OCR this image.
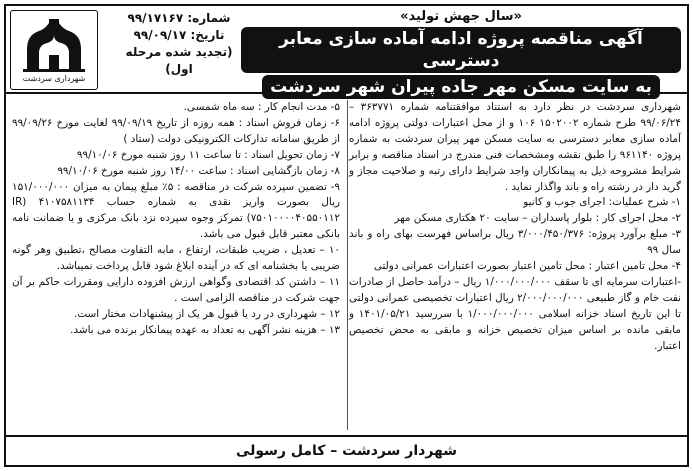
«سال جهش تولید»
آگهی مناقصه پروژه ادامه آماده سازی معابر دسترسی به سایت مسکن مهر جاده پیران شهر سردشت
شماره: ۹۹/۱۷۱۶۷
تاریخ: ۹۹/۰۹/۱۷
(تجدید شده مرحله
اول)
شهرداری سردشت

شهرداری سردشت در نظر دارد به استناد موافقتنامه شماره ۳۶۳۷۷۱ – ۹۹/۰۶/۲۴ طرح شماره ۱۵۰۲۰۰۲ ۱۰۶ و از محل اعتبارات دولتی پروژه ادامه آماده سازی معابر دسترسی به سایت مسکن مهر پیران سردشت به شماره پروژه ۹۶۱۱۴۰ را طبق نقشه ومشخصات فنی مندرج در اسناد مناقصه و برابر شرایط مشروحه ذیل به پیمانکاران واجد شرایط دارای رتبه و صلاحیت مجاز و گرید دار در رشته راه و باند واگذار نماید .

۱- شرح عملیات: اجرای جوب و کانیو

۲- محل اجرای کار : بلوار پاسداران – سایت ۲۰ هکتاری مسکن مهر

۳- مبلغ برآورد پروژه: ۳/۰۰۰/۴۵۰/۳۷۶ ریال براساس فهرست بهای راه و باند سال ۹۹

۴- محل تامین اعتبار : محل تامین اعتبار بصورت اعتبارات عمرانی دولتی

-اعتبارات سرمایه ای تا سقف ۱/۰۰۰/۰۰۰/۰۰۰ ریال – درآمد حاصل از صادرات نفت خام و گاز طبیعی ۲/۰۰۰/۰۰۰/۰۰۰ ریال اعتبارات تخصیصی عمرانی دولتی تا این تاریخ اسناد خزانه اسلامی ۱/۰۰۰/۰۰۰/۰۰۰ با سررسید ۱۴۰۱/۰۵/۲۱ و مابقی مانده بر اساس میزان تخصیص خزانه و مابقی به محض تخصیص اعتبار.

۵- مدت انجام کار : سه ماه شمسی.

۶- زمان فروش اسناد : همه روزه از تاریخ ۹۹/۰۹/۱۹ لغایت مورخ ۹۹/۰۹/۲۶ از طریق سامانه تدارکات الکترونیکی دولت (ستاد )

۷- زمان تحویل اسناد : تا ساعت ۱۱ روز شنبه مورخ ۹۹/۱۰/۰۶

۸- زمان بازگشایی اسناد : ساعت ۱۴/۰۰ روز شنبه مورخ ۹۹/۱۰/۰۶

۹- تضمین سپرده شرکت در مناقصه : ۵٪ مبلغ پیمان به میزان ۱۵۱/۰۰۰/۰۰۰ ریال بصورت واریز نقدی به شماره حساب ۴۱۰۷۵۸۱۱۳۴ (IR ۷۵۰۱۰۰۰۰۴۰۵۵۰۱۱۲) تمرکز وجوه سپرده نزد بانک مرکزی و یا ضمانت نامه بانکی معتبر قابل قبول می باشد.

۱۰ – تعدیل ، ضریب طبقات، ارتفاع ، مابه التفاوت مصالح ،تطبیق وهر گونه ضریبی یا بخشنامه ای که در آینده ابلاغ شود قابل پرداخت نمیباشد.

۱۱ – داشتن کد اقتصادی وگواهی ارزش افزوده دارایی ومقررات حاکم بر آن جهت شرکت در مناقصه الزامی است .

۱۲ – شهرداری در رد یا قبول هر یک از پیشنهادات مختار است.

۱۳ – هزینه نشر آگهی به تعداد به عهده پیمانکار برنده می باشد.

شهردار سردشت – کامل رسولی
